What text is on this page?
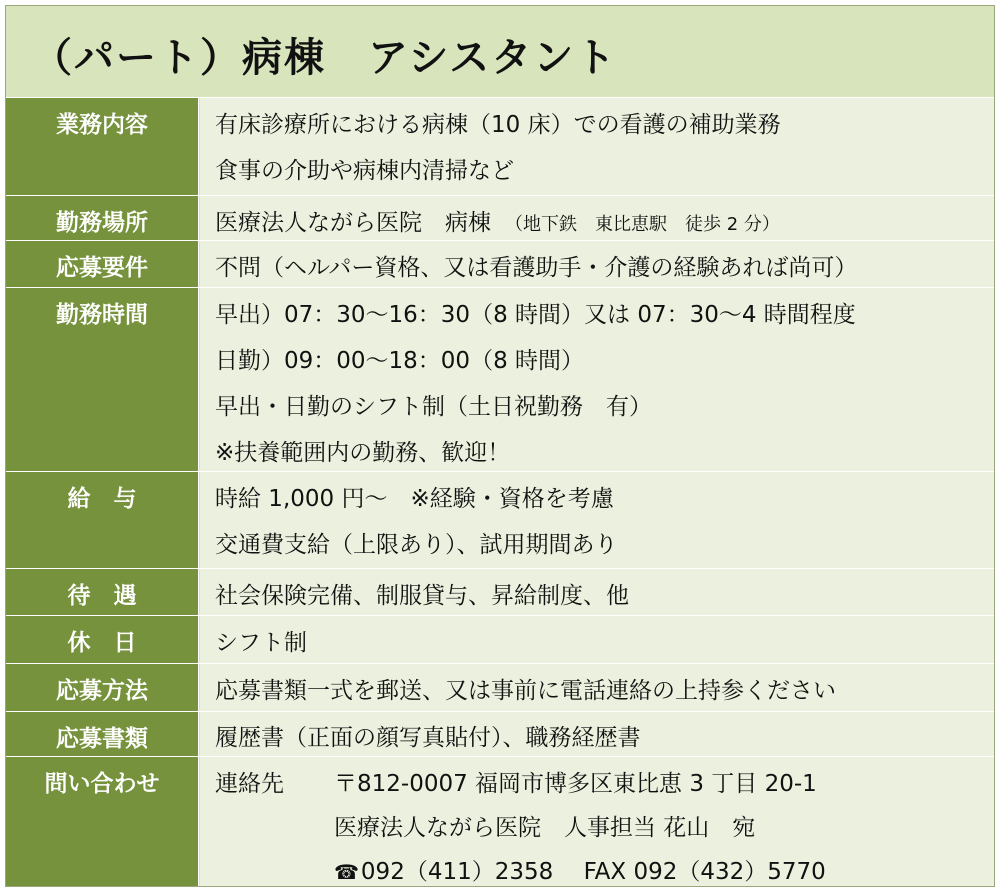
（パート）病棟　アシスタント
業務内容	有床診療所における病棟（10 床）での看護の補助業務
食事の介助や病棟内清掃など
勤務場所	医療法人ながら医院　病棟　（地下鉄　東比恵駅　徒歩 2 分）
応募要件	不問（ヘルパー資格、又は看護助手・介護の経験あれば尚可）
勤務時間	早出）07：30～16：30（8 時間）又は 07：30～4 時間程度
日勤）09：00～18：00（8 時間）
早出・日勤のシフト制（土日祝勤務　有）
※扶養範囲内の勤務、歓迎！
給　与	時給 1,000 円～　※経験・資格を考慮
交通費支給（上限あり）、試用期間あり
待　遇	社会保険完備、制服貸与、昇給制度、他
休　日	シフト制
応募方法	応募書類一式を郵送、又は事前に電話連絡の上持参ください
応募書類	履歴書（正面の顔写真貼付）、職務経歴書
問い合わせ	連絡先 〒812-0007 福岡市博多区東比恵 3 丁目 20-1
医療法人ながら医院　人事担当 花山　宛
☎092（411）2358　 FAX 092（432）5770
